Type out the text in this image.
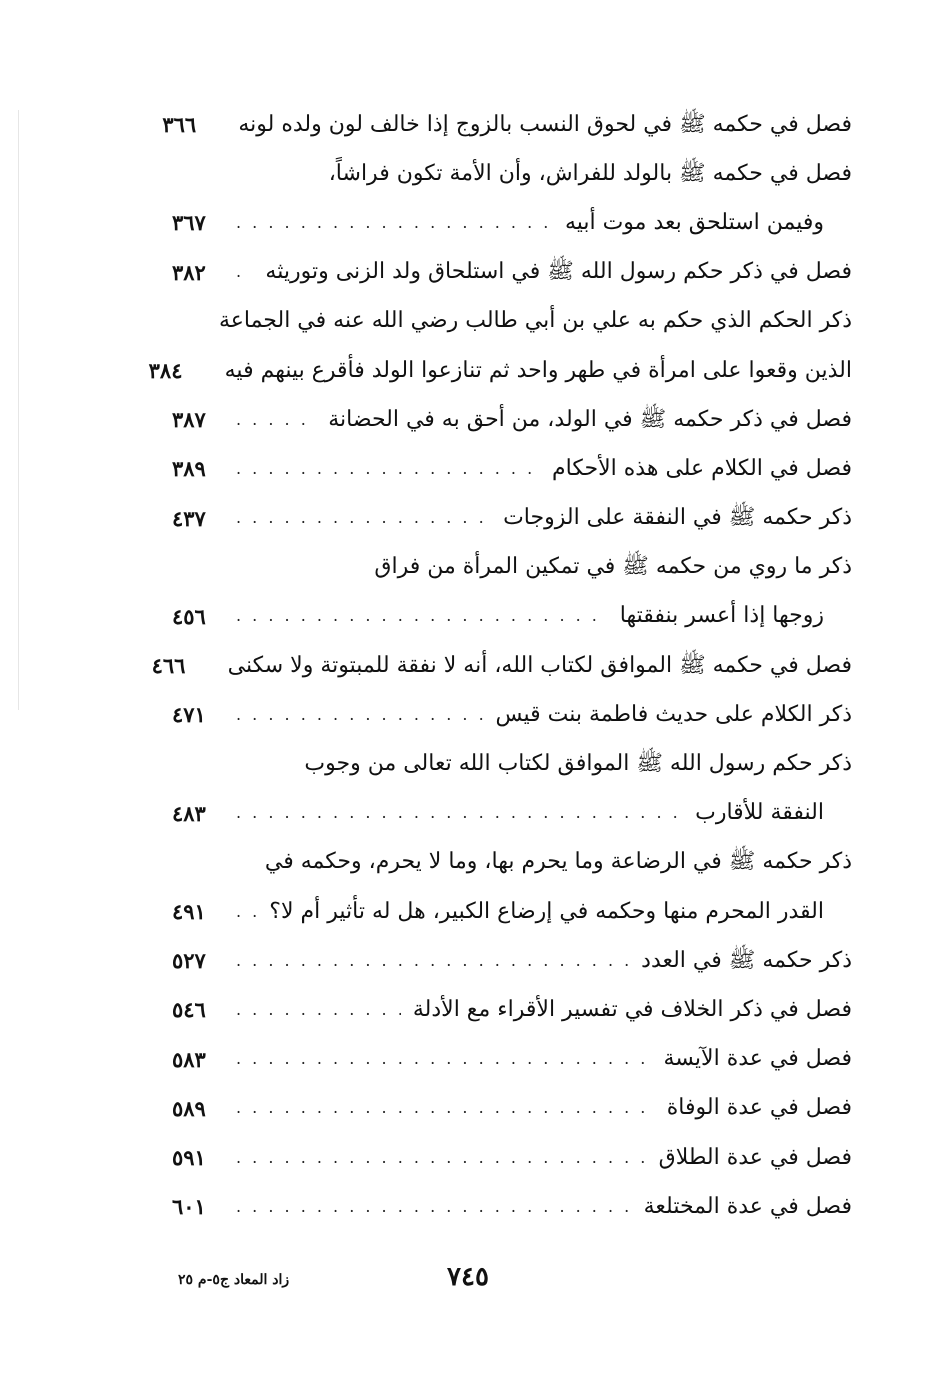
فصل في حكمه ﷺ في لحوق النسب بالزوج إذا خالف لون ولده لونه
٣٦٦
فصل في حكمه ﷺ بالولد للفراش، وأن الأمة تكون فراشاً،
وفيمن استلحق بعد موت أبيه
. . .
٣٦٧
فصل في ذكر حكم رسول الله ﷺ في استلحاق ولد الزنى وتوريثه
. . .
٣٨٢
ذكر الحكم الذي حكم به علي بن أبي طالب رضي الله عنه في الجماعة
الذين وقعوا على امرأة في طهر واحد ثم تنازعوا الولد فأقرع بينهم فيه
٣٨٤
فصل في ذكر حكمه ﷺ في الولد، من أحق به في الحضانة
. . .
٣٨٧
فصل في الكلام على هذه الأحكام
. . .
٣٨٩
ذكر حكمه ﷺ في النفقة على الزوجات
. . .
٤٣٧
ذكر ما روي من حكمه ﷺ في تمكين المرأة من فراق
زوجها إذا أعسر بنفقتها
. . .
٤٥٦
فصل في حكمه ﷺ الموافق لكتاب الله، أنه لا نفقة للمبتوتة ولا سكنى
٤٦٦
ذكر الكلام على حديث فاطمة بنت قيس
. . .
٤٧١
ذكر حكم رسول الله ﷺ الموافق لكتاب الله تعالى من وجوب
النفقة للأقارب
. . .
٤٨٣
ذكر حكمه ﷺ في الرضاعة وما يحرم بها، وما لا يحرم، وحكمه في
القدر المحرم منها وحكمه في إرضاع الكبير، هل له تأثير أم لا؟
. . .
٤٩١
ذكر حكمه ﷺ في العدد
. . .
٥٢٧
فصل في ذكر الخلاف في تفسير الأقراء مع الأدلة
. . .
٥٤٦
فصل في عدة الآيسة
. . .
٥٨٣
فصل في عدة الوفاة
. . .
٥٨٩
فصل في عدة الطلاق
. . .
٥٩١
فصل في عدة المختلعة
. . .
٦٠١
٧٤٥
زاد المعاد ج٥-م ٢٥
